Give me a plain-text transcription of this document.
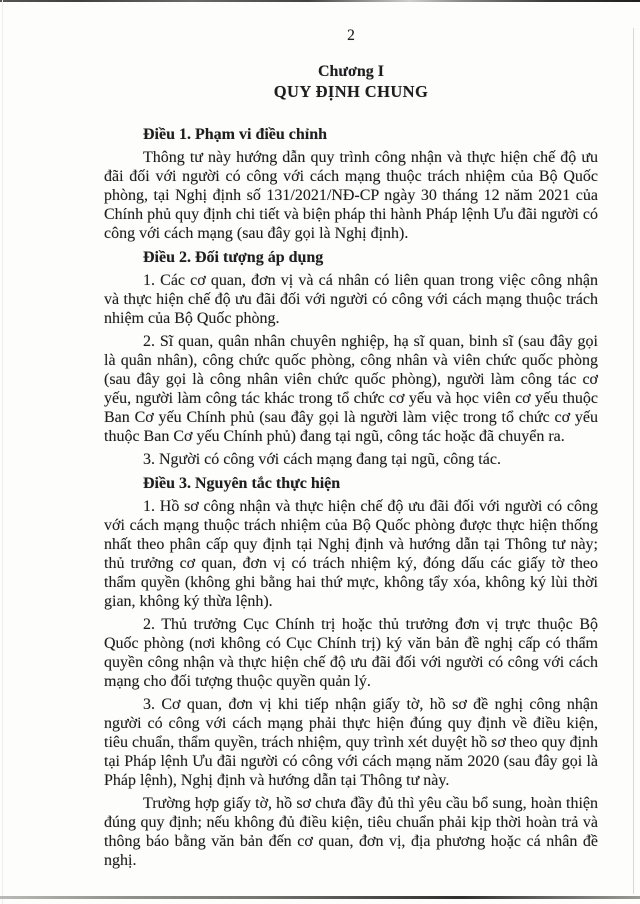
2
Chương I
QUY ĐỊNH CHUNG
Điều 1. Phạm vi điều chỉnh

Thông tư này hướng dẫn quy trình công nhận và thực hiện chế độ ưu đãi đối với người có công với cách mạng thuộc trách nhiệm của Bộ Quốc phòng, tại Nghị định số 131/2021/NĐ-CP ngày 30 tháng 12 năm 2021 của Chính phủ quy định chi tiết và biện pháp thi hành Pháp lệnh Ưu đãi người có công với cách mạng (sau đây gọi là Nghị định).

Điều 2. Đối tượng áp dụng

1. Các cơ quan, đơn vị và cá nhân có liên quan trong việc công nhận và thực hiện chế độ ưu đãi đối với người có công với cách mạng thuộc trách nhiệm của Bộ Quốc phòng.

2. Sĩ quan, quân nhân chuyên nghiệp, hạ sĩ quan, binh sĩ (sau đây gọi là quân nhân), công chức quốc phòng, công nhân và viên chức quốc phòng (sau đây gọi là công nhân viên chức quốc phòng), người làm công tác cơ yếu, người làm công tác khác trong tổ chức cơ yếu và học viên cơ yếu thuộc Ban Cơ yếu Chính phủ (sau đây gọi là người làm việc trong tổ chức cơ yếu thuộc Ban Cơ yếu Chính phủ) đang tại ngũ, công tác hoặc đã chuyển ra.

3. Người có công với cách mạng đang tại ngũ, công tác.

Điều 3. Nguyên tắc thực hiện

1. Hồ sơ công nhận và thực hiện chế độ ưu đãi đối với người có công với cách mạng thuộc trách nhiệm của Bộ Quốc phòng được thực hiện thống nhất theo phân cấp quy định tại Nghị định và hướng dẫn tại Thông tư này; thủ trưởng cơ quan, đơn vị có trách nhiệm ký, đóng dấu các giấy tờ theo thẩm quyền (không ghi bằng hai thứ mực, không tẩy xóa, không ký lùi thời gian, không ký thừa lệnh).

2. Thủ trưởng Cục Chính trị hoặc thủ trưởng đơn vị trực thuộc Bộ Quốc phòng (nơi không có Cục Chính trị) ký văn bản đề nghị cấp có thẩm quyền công nhận và thực hiện chế độ ưu đãi đối với người có công với cách mạng cho đối tượng thuộc quyền quản lý.

3. Cơ quan, đơn vị khi tiếp nhận giấy tờ, hồ sơ đề nghị công nhận người có công với cách mạng phải thực hiện đúng quy định về điều kiện, tiêu chuẩn, thẩm quyền, trách nhiệm, quy trình xét duyệt hồ sơ theo quy định tại Pháp lệnh Ưu đãi người có công với cách mạng năm 2020 (sau đây gọi là Pháp lệnh), Nghị định và hướng dẫn tại Thông tư này.

Trường hợp giấy tờ, hồ sơ chưa đầy đủ thì yêu cầu bổ sung, hoàn thiện đúng quy định; nếu không đủ điều kiện, tiêu chuẩn phải kịp thời hoàn trả và thông báo bằng văn bản đến cơ quan, đơn vị, địa phương hoặc cá nhân đề nghị.
